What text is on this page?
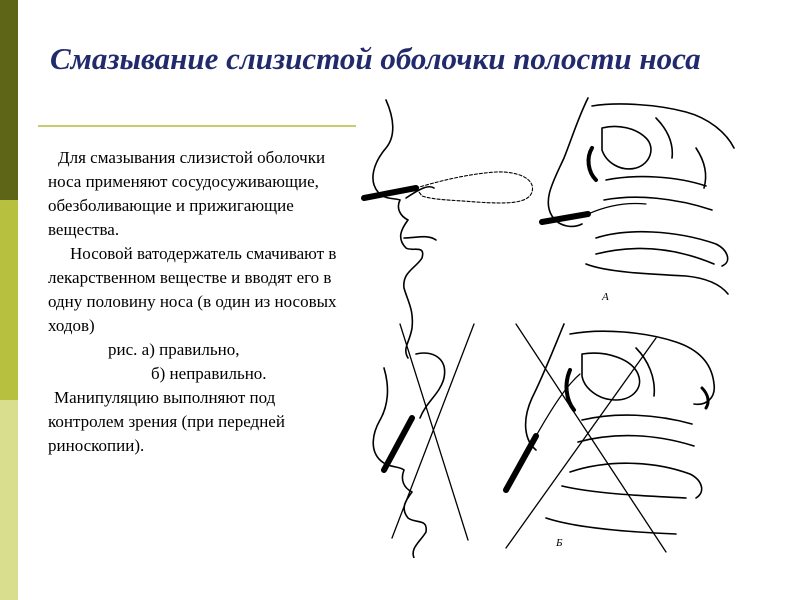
Смазывание слизистой оболочки полости носа

Для смазывания слизистой оболочки носа применяют сосудосуживающие, обезболивающие и прижигающие вещества.

Носовой ватодержатель смачивают в лекарственном веществе и вводят его в одну половину носа (в один из носовых ходов)

рис. а) правильно,

б) неправильно.

Манипуляцию выполняют под контролем зрения (при передней риноскопии).

А
Б
